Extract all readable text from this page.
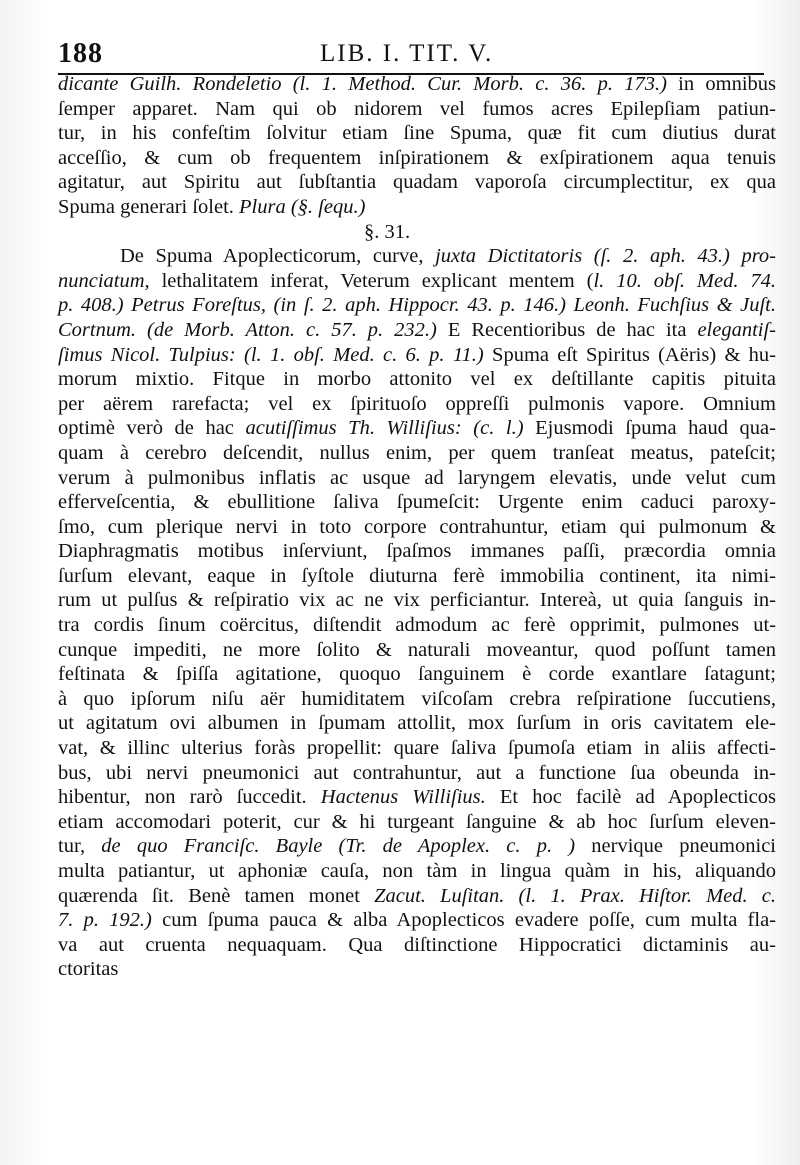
188	LIB. I. TIT. V.
dicante Guilh. Rondeletio (l. 1. Method. Cur. Morb. c. 36. p. 173.) in omnibus
ſemper apparet. Nam qui ob nidorem vel fumos acres Epilepſiam patiun-
tur, in his confeſtim ſolvitur etiam ſine Spuma, quæ fit cum diutius durat
acceſſio, & cum ob frequentem inſpirationem & exſpirationem aqua tenuis
agitatur, aut Spiritu aut ſubſtantia quadam vaporoſa circumplectitur, ex qua
Spuma generari ſolet. Plura (§. ſequ.)
§. 31.
De Spuma Apoplecticorum, curve, juxta Dictitatoris (ſ. 2. aph. 43.) pro-
nunciatum, lethalitatem inferat, Veterum explicant mentem (l. 10. obſ. Med. 74.
p. 408.) Petrus Foreſtus, (in ſ. 2. aph. Hippocr. 43. p. 146.) Leonh. Fuchſius & Juſt.
Cortnum. (de Morb. Atton. c. 57. p. 232.) E Recentioribus de hac ita elegantiſ-
ſimus Nicol. Tulpius: (l. 1. obſ. Med. c. 6. p. 11.) Spuma eſt Spiritus (Aëris) & hu-
morum mixtio. Fitque in morbo attonito vel ex deſtillante capitis pituita
per aërem rarefacta; vel ex ſpirituoſo oppreſſi pulmonis vapore. Omnium
optimè verò de hac acutiſſimus Th. Williſius: (c. l.) Ejusmodi ſpuma haud qua-
quam à cerebro deſcendit, nullus enim, per quem tranſeat meatus, pateſcit;
verum à pulmonibus inflatis ac usque ad laryngem elevatis, unde velut cum
efferveſcentia, & ebullitione ſaliva ſpumeſcit: Urgente enim caduci paroxy-
ſmo, cum plerique nervi in toto corpore contrahuntur, etiam qui pulmonum &
Diaphragmatis motibus inſerviunt, ſpaſmos immanes paſſi, præcordia omnia
ſurſum elevant, eaque in ſyſtole diuturna ferè immobilia continent, ita nimi-
rum ut pulſus & reſpiratio vix ac ne vix perficiantur. Intereà, ut quia ſanguis in-
tra cordis ſinum coërcitus, diſtendit admodum ac ferè opprimit, pulmones ut-
cunque impediti, ne more ſolito & naturali moveantur, quod poſſunt tamen
feſtinata & ſpiſſa agitatione, quoquo ſanguinem è corde exantlare ſatagunt;
à quo ipſorum niſu aër humiditatem viſcoſam crebra reſpiratione ſuccutiens,
ut agitatum ovi albumen in ſpumam attollit, mox ſurſum in oris cavitatem ele-
vat, & illinc ulterius foràs propellit: quare ſaliva ſpumoſa etiam in aliis affecti-
bus, ubi nervi pneumonici aut contrahuntur, aut a functione ſua obeunda in-
hibentur, non rarò ſuccedit. Hactenus Williſius. Et hoc facilè ad Apoplecticos
etiam accomodari poterit, cur & hi turgeant ſanguine & ab hoc ſurſum eleven-
tur, de quo Franciſc. Bayle (Tr. de Apoplex. c. p. ) nervique pneumonici
multa patiantur, ut aphoniæ cauſa, non tàm in lingua quàm in his, aliquando
quærenda ſit. Benè tamen monet Zacut. Luſitan. (l. 1. Prax. Hiſtor. Med. c.
7. p. 192.) cum ſpuma pauca & alba Apoplecticos evadere poſſe, cum multa fla-
va aut cruenta nequaquam. Qua diſtinctione Hippocratici dictaminis au-
ctoritas
